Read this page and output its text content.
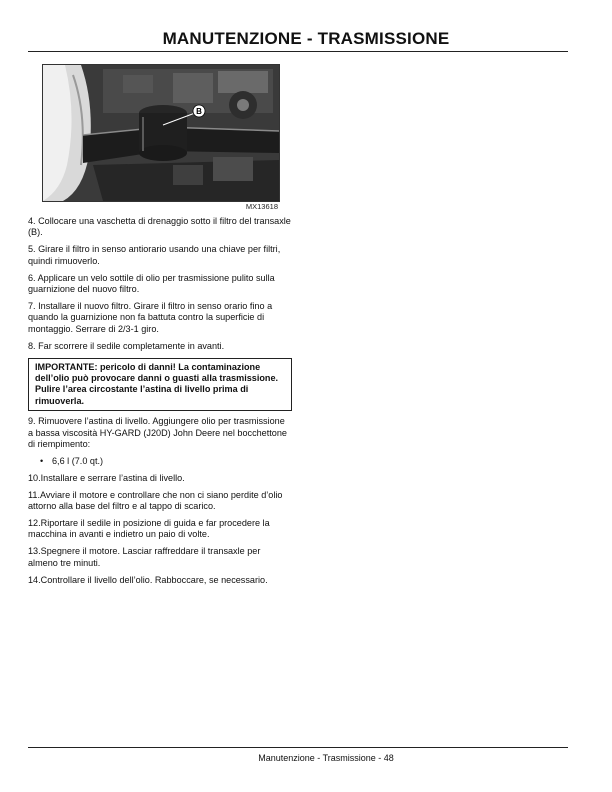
MANUTENZIONE - TRASMISSIONE
B
MX13618

4. Collocare una vaschetta di drenaggio sotto il filtro del transaxle (B).

5. Girare il filtro in senso antiorario usando una chiave per filtri, quindi rimuoverlo.

6. Applicare un velo sottile di olio per trasmissione pulito sulla guarnizione del nuovo filtro.

7. Installare il nuovo filtro. Girare il filtro in senso orario fino a quando la guarnizione non fa battuta contro la superficie di montaggio. Serrare di 2/3-1 giro.

8. Far scorrere il sedile completamente in avanti.

IMPORTANTE: pericolo di danni! La contaminazione dell’olio può provocare danni o guasti alla trasmissione. Pulire l’area circostante l’astina di livello prima di rimuoverla.

9. Rimuovere l’astina di livello. Aggiungere olio per trasmissione a bassa viscosità HY-GARD (J20D) John Deere nel bocchettone di riempimento:

• 6,6 l (7.0 qt.)

10.Installare e serrare l’astina di livello.

11.Avviare il motore e controllare che non ci siano perdite d’olio attorno alla base del filtro e al tappo di scarico.

12.Riportare il sedile in posizione di guida e far procedere la macchina in avanti e indietro un paio di volte.

13.Spegnere il motore. Lasciar raffreddare il transaxle per almeno tre minuti.

14.Controllare il livello dell’olio. Rabboccare, se necessario.

Manutenzione - Trasmissione - 48
